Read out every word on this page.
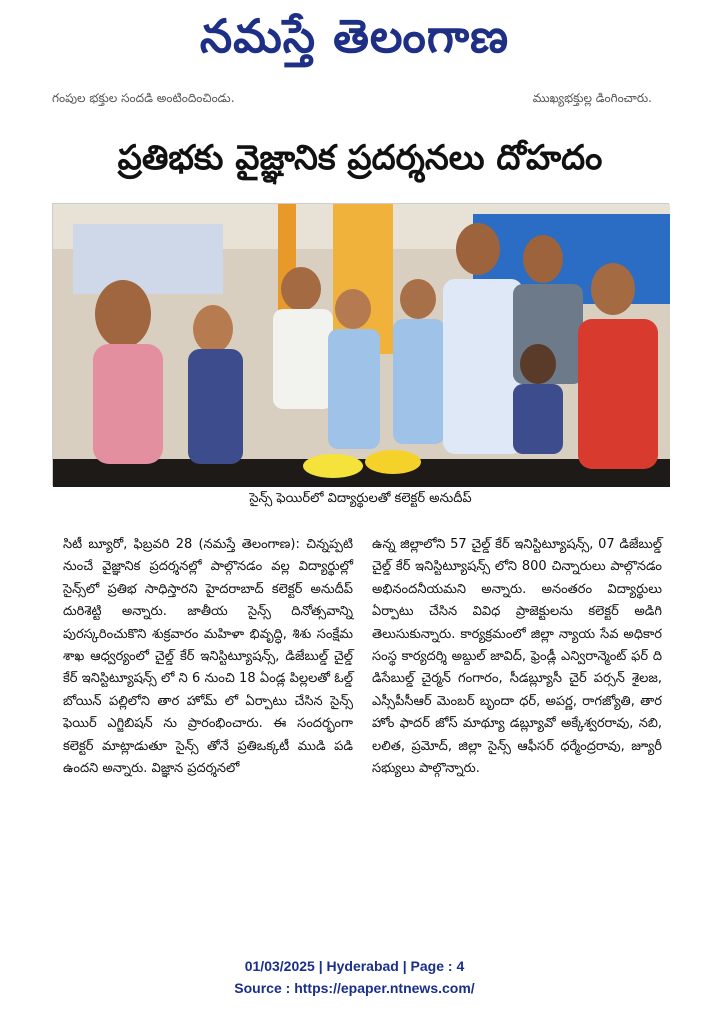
నమస్తే తెలంగాణ
గంపుల భక్తుల సందడి అంటిందించిండు.	ముఖ్యభక్తుల్ల డింగించారు.
ప్రతిభకు వైజ్ఞానిక ప్రదర్శనలు దోహదం
సైన్స్ ఫెయిర్‌లో విద్యార్థులతో కలెక్టర్ అనుదీప్
సిటీ బ్యూరో, ఫిబ్రవరి 28 (నమస్తే తెలంగాణ): చిన్నప్పటి నుంచే వైజ్ఞానిక ప్రదర్శనల్లో పాల్గొనడం వల్ల విద్యార్థుల్లో సైన్స్‌లో ప్రతిభ సాధిస్తారని హైదరాబాద్ కలెక్టర్ అనుదీప్ దురిశెట్టి అన్నారు. జాతీయ సైన్స్ దినోత్సవాన్ని పురస్కరించుకొని శుక్రవారం మహిళా భివృద్ధి, శిశు సంక్షేమ శాఖ ఆధ్వర్యంలో చైల్డ్ కేర్ ఇనిస్టిట్యూషన్స్, డిజేబుల్డ్ చైల్డ్ కేర్ ఇనిస్టిట్యూషన్స్ లో ని 6 నుంచి 18 ఏండ్ల పిల్లలతో ఓల్డ్ బోయిన్ పల్లిలోని తార హోమ్ లో ఏర్పాటు చేసిన సైన్స్ ఫెయిర్ ఎగ్జిబిషన్ ను ప్రారంభించారు. ఈ సందర్భంగా కలెక్టర్ మాట్లాడుతూ సైన్స్ తోనే ప్రతిఒక్కటీ ముడి పడి ఉందని అన్నారు. విజ్ఞాన ప్రదర్శనలో
ఉన్న జిల్లాలోని 57 చైల్డ్ కేర్ ఇనిస్టిట్యూషన్స్, 07 డిజేబుల్డ్ చైల్డ్ కేర్ ఇనిస్టిట్యూషన్స్ లోని 800 చిన్నారులు పాల్గొనడం అభినందనీయమని అన్నారు. అనంతరం విద్యార్థులు ఏర్పాటు చేసిన వివిధ ప్రాజెక్టులను కలెక్టర్ అడిగి తెలుసుకున్నారు. కార్యక్రమంలో జిల్లా న్యాయ సేవ అధికార సంస్థ కార్యదర్శి అబ్దుల్ జావిద్, ఫ్రెండ్లీ ఎన్విరాన్మెంట్ ఫర్ ది డిసేబుల్డ్ చైర్మన్ గంగారం, సీడబ్ల్యూసీ చైర్ పర్సన్ శైలజ, ఎస్సీపీసీఆర్ మెంబర్ బృందా ధర్, అపర్ణ, రాగజ్యోతి, తార హోం ఫాదర్ జోస్ మాథ్యూ డబ్ల్యూవో అక్కేశ్వరరావు, నబి, లలిత, ప్రమోద్, జిల్లా సైన్స్ ఆఫీసర్ ధర్మేంద్రరావు, జ్యూరీ సభ్యులు పాల్గొన్నారు.
01/03/2025 | Hyderabad | Page : 4
Source : https://epaper.ntnews.com/
